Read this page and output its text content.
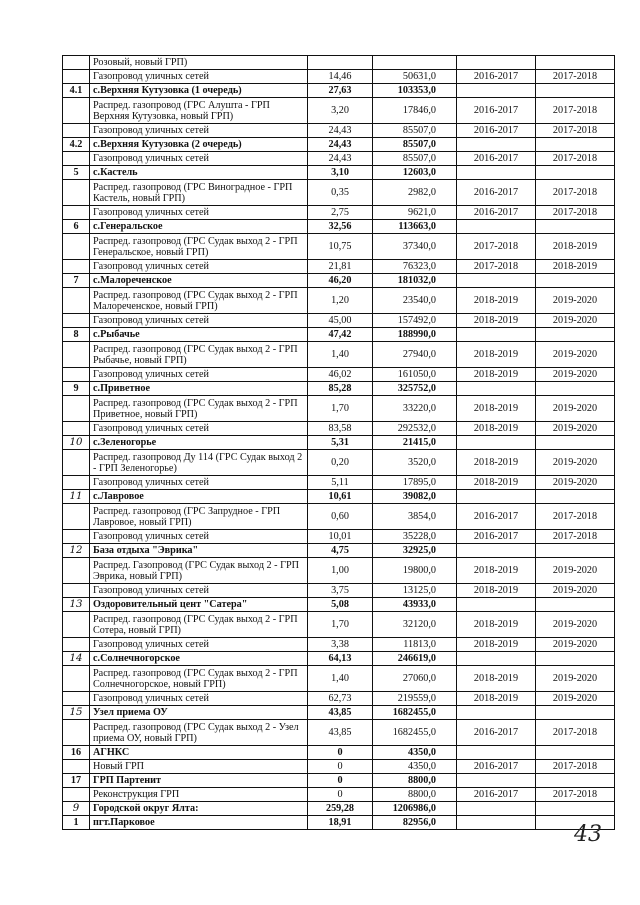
	Розовый, новый ГРП)				
	Газопровод уличных сетей	14,46	50631,0	2016-2017	2017-2018
4.1	с.Верхняя Кутузовка (1 очередь)	27,63	103353,0		
	Распред. газопровод (ГРС Алушта - ГРП Верхняя Кутузовка, новый ГРП)	3,20	17846,0	2016-2017	2017-2018
	Газопровод уличных сетей	24,43	85507,0	2016-2017	2017-2018
4.2	с.Верхняя Кутузовка (2 очередь)	24,43	85507,0		
	Газопровод уличных сетей	24,43	85507,0	2016-2017	2017-2018
5	с.Кастель	3,10	12603,0		
	Распред. газопровод (ГРС Виноградное - ГРП Кастель, новый ГРП)	0,35	2982,0	2016-2017	2017-2018
	Газопровод уличных сетей	2,75	9621,0	2016-2017	2017-2018
6	с.Генеральское	32,56	113663,0		
	Распред. газопровод (ГРС Судак выход 2 - ГРП Генеральское, новый ГРП)	10,75	37340,0	2017-2018	2018-2019
	Газопровод уличных сетей	21,81	76323,0	2017-2018	2018-2019
7	с.Малореченское	46,20	181032,0		
	Распред. газопровод (ГРС Судак выход 2 - ГРП Малореченское, новый ГРП)	1,20	23540,0	2018-2019	2019-2020
	Газопровод уличных сетей	45,00	157492,0	2018-2019	2019-2020
8	с.Рыбачье	47,42	188990,0		
	Распред. газопровод (ГРС Судак выход 2 - ГРП Рыбачье, новый ГРП)	1,40	27940,0	2018-2019	2019-2020
	Газопровод уличных сетей	46,02	161050,0	2018-2019	2019-2020
9	с.Приветное	85,28	325752,0		
	Распред. газопровод (ГРС Судак выход 2 - ГРП Приветное, новый ГРП)	1,70	33220,0	2018-2019	2019-2020
	Газопровод уличных сетей	83,58	292532,0	2018-2019	2019-2020
10	с.Зеленогорье	5,31	21415,0		
	Распред. газопровод Ду 114 (ГРС Судак выход 2 - ГРП Зеленогорье)	0,20	3520,0	2018-2019	2019-2020
	Газопровод уличных сетей	5,11	17895,0	2018-2019	2019-2020
11	с.Лавровое	10,61	39082,0		
	Распред. газопровод (ГРС Запрудное - ГРП Лавровое, новый ГРП)	0,60	3854,0	2016-2017	2017-2018
	Газопровод уличных сетей	10,01	35228,0	2016-2017	2017-2018
12	База отдыха "Эврика"	4,75	32925,0		
	Распред. Газопровод (ГРС Судак выход 2 - ГРП Эврика, новый ГРП)	1,00	19800,0	2018-2019	2019-2020
	Газопровод уличных сетей	3,75	13125,0	2018-2019	2019-2020
13	Оздоровительный цент "Сатера"	5,08	43933,0		
	Распред. газопровод (ГРС Судак выход 2 - ГРП Сотера, новый ГРП)	1,70	32120,0	2018-2019	2019-2020
	Газопровод уличных сетей	3,38	11813,0	2018-2019	2019-2020
14	с.Солнечногорское	64,13	246619,0		
	Распред. газопровод (ГРС Судак выход 2 - ГРП Солнечногорское, новый ГРП)	1,40	27060,0	2018-2019	2019-2020
	Газопровод уличных сетей	62,73	219559,0	2018-2019	2019-2020
15	Узел приема ОУ	43,85	1682455,0		
	Распред. газопровод (ГРС Судак выход 2 - Узел приема ОУ, новый ГРП)	43,85	1682455,0	2016-2017	2017-2018
16	АГНКС	0	4350,0		
	Новый ГРП	0	4350,0	2016-2017	2017-2018
17	ГРП Партенит	0	8800,0		
	Реконструкция ГРП	0	8800,0	2016-2017	2017-2018
9	Городской округ Ялта:	259,28	1206986,0		
1	пгт.Парковое	18,91	82956,0			43
